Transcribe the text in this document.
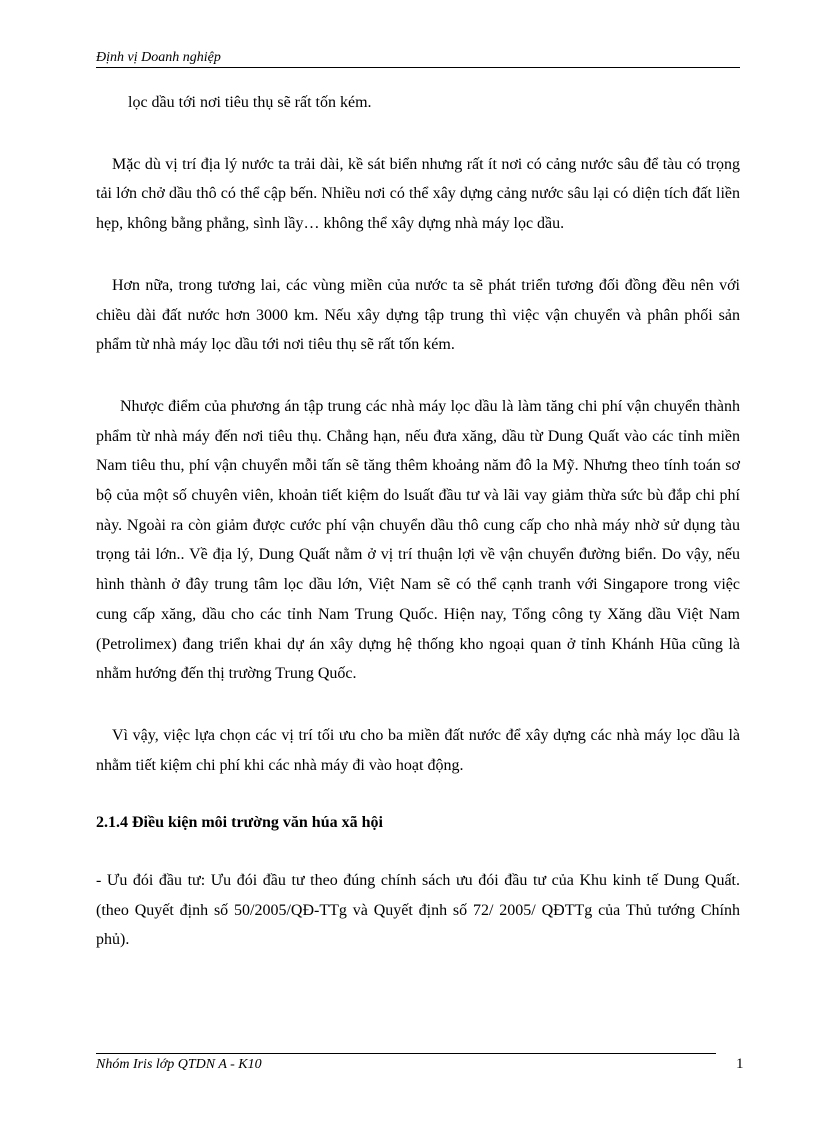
Định vị Doanh nghiệp

lọc dầu tới nơi tiêu thụ sẽ rất tốn kém.

Mặc dù vị trí địa lý nước ta trải dài, kề sát biển nhưng rất ít nơi có cảng nước sâu để tàu có trọng tải lớn chở dầu thô có thể cập bến. Nhiều nơi có thể xây dựng cảng nước sâu lại có diện tích đất liền hẹp, không bằng phẳng, sình lầy… không thể xây dựng nhà máy lọc dầu.

Hơn nữa, trong tương lai, các vùng miền của nước ta sẽ phát triển tương đối đồng đều nên với chiều dài đất nước hơn 3000 km. Nếu xây dựng tập trung thì việc vận chuyển và phân phối sản phẩm từ nhà máy lọc dầu tới nơi tiêu thụ sẽ rất tốn kém.

Nhược điểm của phương án tập trung các nhà máy lọc dầu là làm tăng chi phí vận chuyển thành phẩm từ nhà máy đến nơi tiêu thụ. Chẳng hạn, nếu đưa xăng, dầu từ Dung Quất vào các tỉnh miền Nam tiêu thu, phí vận chuyển mỗi tấn sẽ tăng thêm khoảng năm đô la Mỹ. Nhưng theo tính toán sơ bộ của một số chuyên viên, khoản tiết kiệm do lsuất đầu tư và lãi vay giảm thừa sức bù đắp chi phí này. Ngoài ra còn giảm được cước phí vận chuyển dầu thô cung cấp cho nhà máy nhờ sử dụng tàu trọng tải lớn.. Về địa lý, Dung Quất nằm ở vị trí thuận lợi về vận chuyển đường biển. Do vậy, nếu hình thành ở đây trung tâm lọc dầu lớn, Việt Nam sẽ có thể cạnh tranh với Singapore trong việc cung cấp xăng, dầu cho các tỉnh Nam Trung Quốc. Hiện nay, Tổng công ty Xăng dầu Việt Nam (Petrolimex) đang triển khai dự án xây dựng hệ thống kho ngoại quan ở tỉnh Khánh Hũa cũng là nhằm hướng đến thị trường Trung Quốc.

Vì vậy, việc lựa chọn các vị trí tối ưu cho ba miền đất nước để xây dựng các nhà máy lọc dầu là nhằm tiết kiệm chi phí khi các nhà máy đi vào hoạt động.

2.1.4 Điều kiện môi trường văn húa xã hội

- Ưu đói đầu tư: Ưu đói đầu tư theo đúng chính sách ưu đói đầu tư của Khu kinh tế Dung Quất. (theo Quyết định số 50/2005/QĐ-TTg và Quyết định số 72/ 2005/ QĐTTg của Thủ tướng Chính phủ).

Nhóm Iris lớp QTDN A - K10	1
